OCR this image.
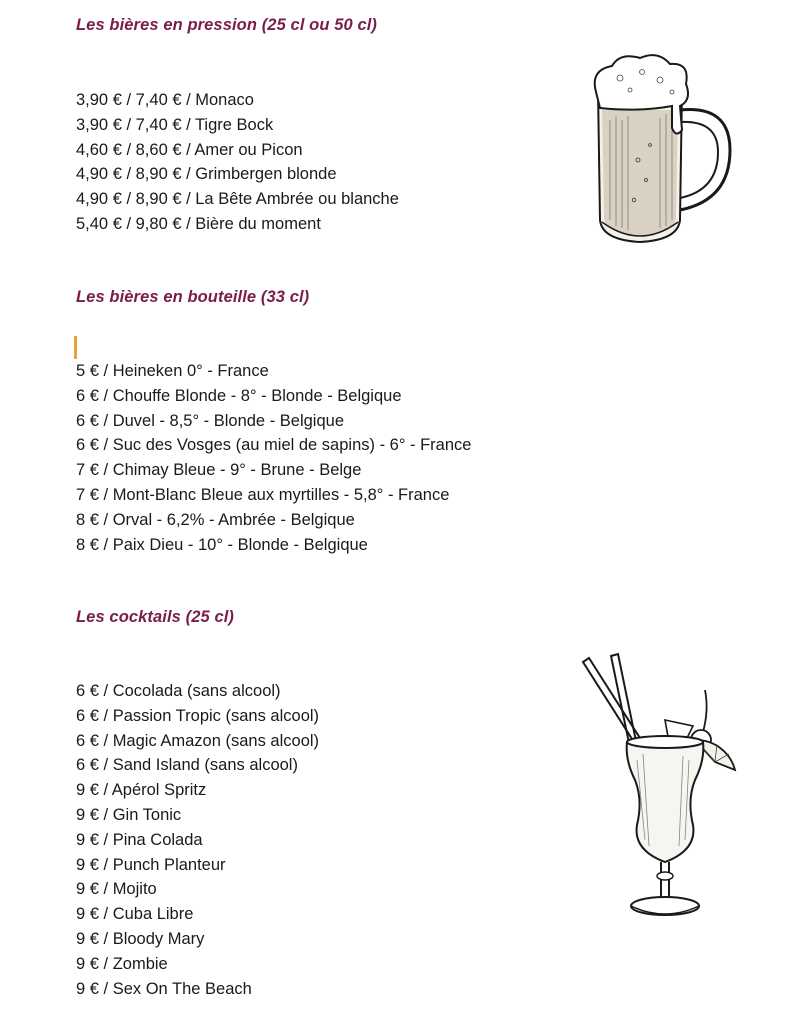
Les bières en pression (25 cl ou 50 cl)
3,90 € / 7,40 € / Monaco
3,90 € / 7,40 € / Tigre Bock
4,60 € / 8,60 € / Amer ou Picon
4,90 € / 8,90 € / Grimbergen blonde
4,90 € / 8,90 € / La Bête Ambrée ou blanche
5,40 € / 9,80 € / Bière du moment
Les bières en bouteille (33 cl)
5 € / Heineken 0° - France
6 € / Chouffe Blonde - 8° - Blonde - Belgique
6 € / Duvel - 8,5° - Blonde - Belgique
6 € / Suc des Vosges (au miel de sapins) - 6° - France
7 € / Chimay Bleue - 9° - Brune - Belge
7 € / Mont-Blanc Bleue aux myrtilles - 5,8° - France
8 € / Orval - 6,2% - Ambrée - Belgique
8 € / Paix Dieu - 10° - Blonde - Belgique
Les cocktails (25 cl)
6 € / Cocolada (sans alcool)
6 € / Passion Tropic (sans alcool)
6 € / Magic Amazon (sans alcool)
6 € / Sand Island (sans alcool)
9 € / Apérol Spritz
9 € / Gin Tonic
9 € / Pina Colada
9 € / Punch Planteur
9 € / Mojito
9 € / Cuba Libre
9 € / Bloody Mary
9 € / Zombie
9 € / Sex On The Beach
